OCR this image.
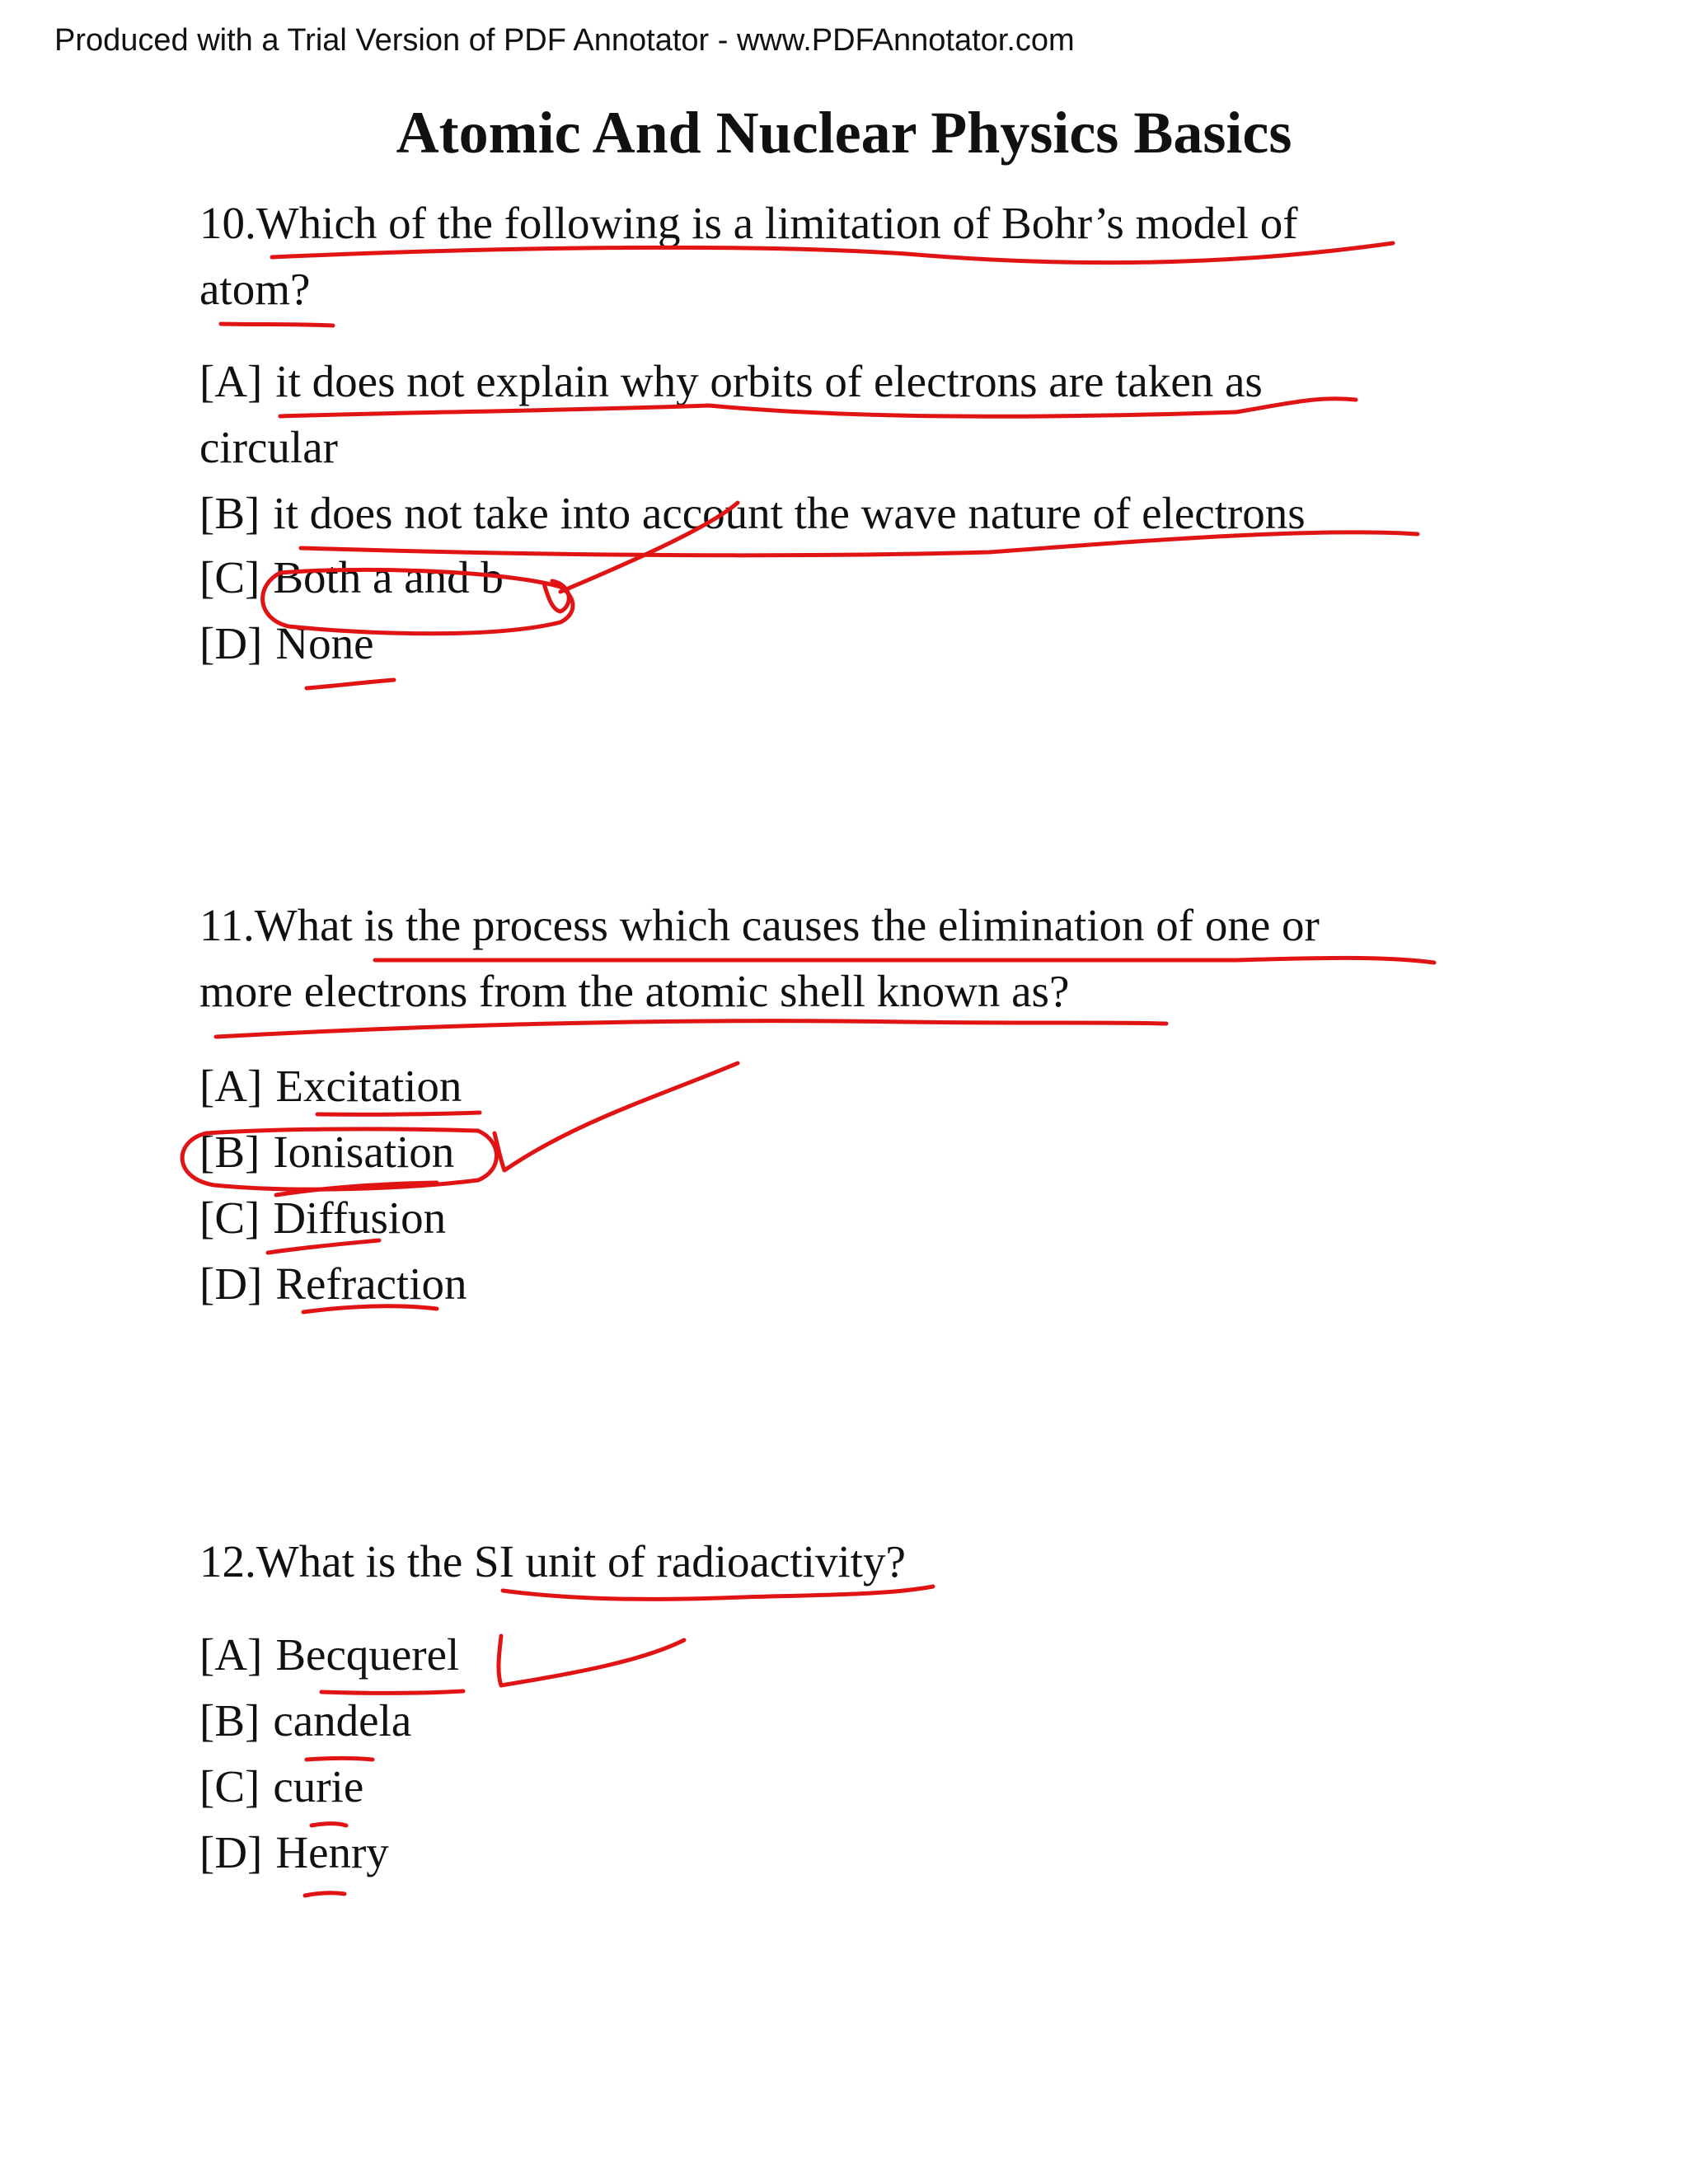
Produced with a Trial Version of PDF Annotator - www.PDFAnnotator.com
Atomic And Nuclear Physics Basics
10.Which of the following is a limitation of Bohr’s model of
atom?
[A] it does not explain why orbits of electrons are taken as
circular
[B] it does not take into account the wave nature of electrons
[C] Both a and b
[D] None
11.What is the process which causes the elimination of one or
more electrons from the atomic shell known as?
[A] Excitation
[B] Ionisation
[C] Diffusion
[D] Refraction
12.What is the SI unit of radioactivity?
[A] Becquerel
[B] candela
[C] curie
[D] Henry
